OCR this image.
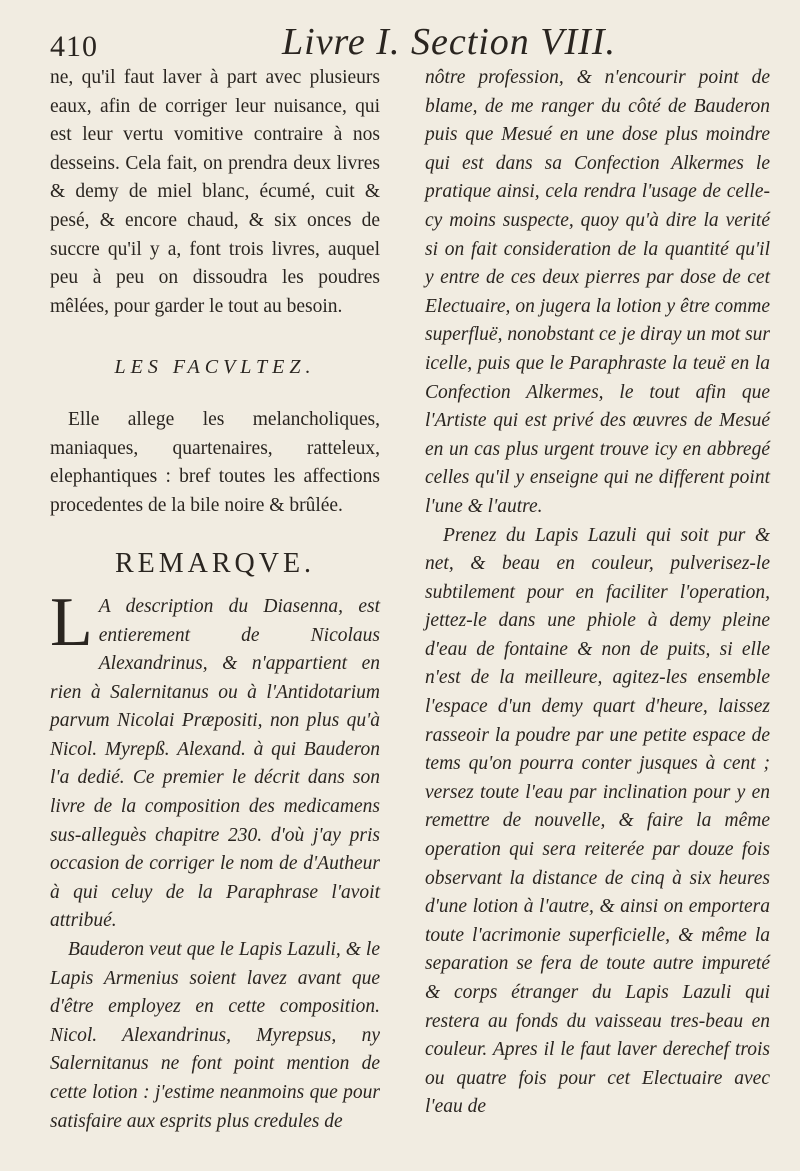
410	Livre I. Section VIII.

ne, qu'il faut laver à part avec plusieurs eaux, afin de corriger leur nuisance, qui est leur vertu vomitive contraire à nos desseins. Cela fait, on prendra deux livres & demy de miel blanc, écumé, cuit & pesé, & encore chaud, & six onces de succre qu'il y a, font trois livres, auquel peu à peu on dissoudra les poudres mêlées, pour garder le tout au besoin.

LES FACVLTEZ.

Elle allege les melancholiques, maniaques, quartenaires, ratteleux, elephantiques : bref toutes les affections procedentes de la bile noire & brûlée.

REMARQVE.

L A description du Diasenna, est entierement de Nicolaus Alexandrinus, & n'appartient en rien à Salernitanus ou à l'Antidotarium parvum Nicolai Præpositi, non plus qu'à Nicol. Myrepß. Alexand. à qui Bauderon l'a dedié. Ce premier le décrit dans son livre de la composition des medicamens sus-alleguès chapitre 230. d'où j'ay pris occasion de corriger le nom de d'Autheur à qui celuy de la Paraphrase l'avoit attribué.

Bauderon veut que le Lapis Lazuli, & le Lapis Armenius soient lavez avant que d'être employez en cette composition. Nicol. Alexandrinus, Myrepsus, ny Salernitanus ne font point mention de cette lotion : j'estime neanmoins que pour satisfaire aux esprits plus credules de

nôtre profession, & n'encourir point de blame, de me ranger du côté de Bauderon puis que Mesué en une dose plus moindre qui est dans sa Confection Alkermes le pratique ainsi, cela rendra l'usage de celle-cy moins suspecte, quoy qu'à dire la verité si on fait consideration de la quantité qu'il y entre de ces deux pierres par dose de cet Electuaire, on jugera la lotion y être comme superfluë, nonobstant ce je diray un mot sur icelle, puis que le Paraphraste la teuë en la Confection Alkermes, le tout afin que l'Artiste qui est privé des œuvres de Mesué en un cas plus urgent trouve icy en abbregé celles qu'il y enseigne qui ne different point l'une & l'autre.

Prenez du Lapis Lazuli qui soit pur & net, & beau en couleur, pulverisez-le subtilement pour en faciliter l'operation, jettez-le dans une phiole à demy pleine d'eau de fontaine & non de puits, si elle n'est de la meilleure, agitez-les ensemble l'espace d'un demy quart d'heure, laissez rasseoir la poudre par une petite espace de tems qu'on pourra conter jusques à cent ; versez toute l'eau par inclination pour y en remettre de nouvelle, & faire la même operation qui sera reiterée par douze fois observant la distance de cinq à six heures d'une lotion à l'autre, & ainsi on emportera toute l'acrimonie superficielle, & même la separation se fera de toute autre impureté & corps étranger du Lapis Lazuli qui restera au fonds du vaisseau tres-beau en couleur. Apres il le faut laver derechef trois ou quatre fois pour cet Electuaire avec l'eau de
